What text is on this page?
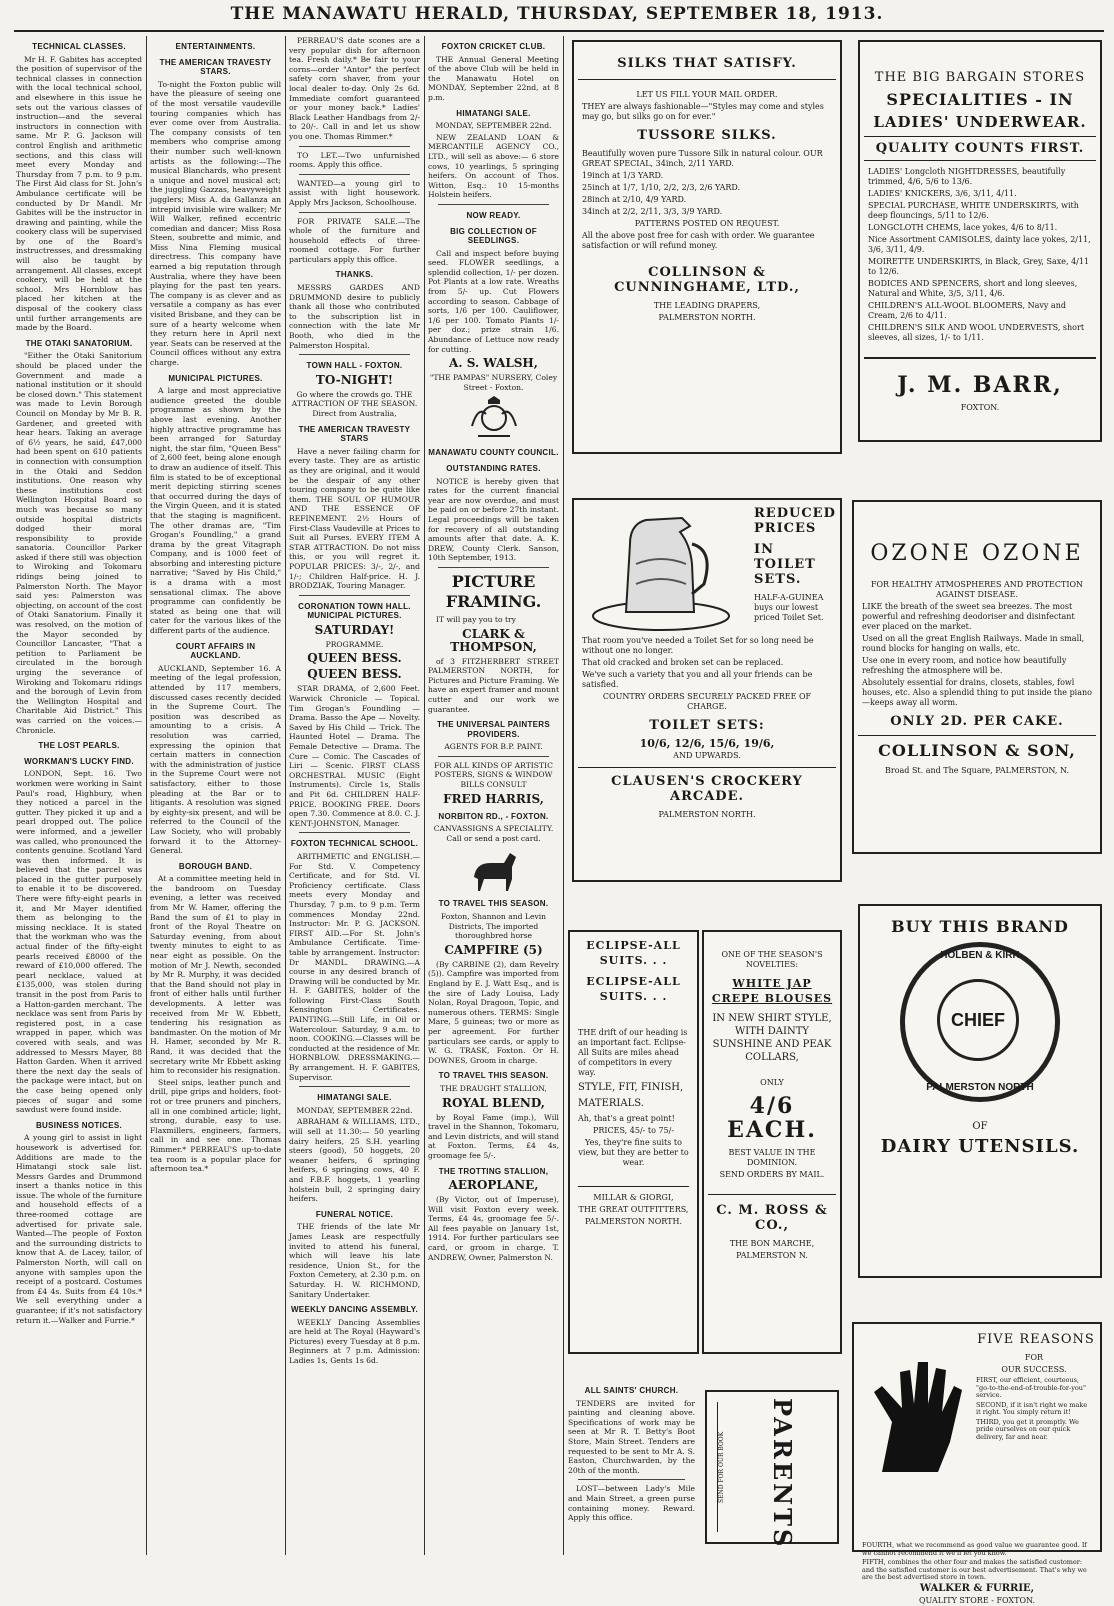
THE MANAWATU HERALD, THURSDAY, SEPTEMBER 18, 1913.
TECHNICAL CLASSES.

Mr H. F. Gabites has accepted the position of supervisor of the technical classes in connection with the local technical school, and elsewhere in this issue he sets out the various classes of instruction—and the several instructors in connection with same. Mr P. G. Jackson will control English and arithmetic sections, and this class will meet every Monday and Thursday from 7 p.m. to 9 p.m. The First Aid class for St. John's Ambulance certificate will be conducted by Dr Mandl. Mr Gabites will be the instructor in drawing and painting, while the cookery class will be supervised by one of the Board's instructresses, and dressmaking will also be taught by arrangement. All classes, except cookery, will be held at the school. Mrs Hornblow has placed her kitchen at the disposal of the cookery class until further arrangements are made by the Board.

THE OTAKI SANATORIUM.

"Either the Otaki Sanitorium should be placed under the Government and made a national institution or it should be closed down." This statement was made to Levin Borough Council on Monday by Mr B. R. Gardener, and greeted with hear hears. Taking an average of 6½ years, he said, £47,000 had been spent on 610 patients in connection with consumption in the Otaki and Seddon institutions. One reason why these institutions cost Wellington Hospital Board so much was because so many outside hospital districts dodged their moral responsibility to provide sanatoria. Councillor Parker asked if there still was objection to Wiroking and Tokomaru ridings being joined to Palmerston North. The Mayor said yes: Palmerston was objecting, on account of the cost of Otaki Sanatorium. Finally it was resolved, on the motion of the Mayor seconded by Councillor Lancaster, "That a petition to Parliament be circulated in the borough urging the severance of Wiroking and Tokomaru ridings and the borough of Levin from the Wellington Hospital and Charitable Aid District." This was carried on the voices.—Chronicle.

THE LOST PEARLS.
WORKMAN'S LUCKY FIND.

LONDON, Sept. 16. Two workmen were working in Saint Paul's road, Highbury, when they noticed a parcel in the gutter. They picked it up and a pearl dropped out. The police were informed, and a jeweller was called, who pronounced the contents genuine. Scotland Yard was then informed. It is believed that the parcel was placed in the gutter purposely to enable it to be discovered. There were fifty-eight pearls in it, and Mr Mayer identified them as belonging to the missing necklace. It is stated that the workman who was the actual finder of the fifty-eight pearls received £8000 of the reward of £10,000 offered. The pearl necklace, valued at £135,000, was stolen during transit in the post from Paris to a Hatton-garden merchant. The necklace was sent from Paris by registered post, in a case wrapped in paper, which was covered with seals, and was addressed to Messrs Mayer, 88 Hatton Garden. When it arrived there the next day the seals of the package were intact, but on the case being opened only pieces of sugar and some sawdust were found inside.

BUSINESS NOTICES.

A young girl to assist in light housework is advertised for. Additions are made to the Himatangi stock sale list. Messrs Gardes and Drummond insert a thanks notice in this issue. The whole of the furniture and household effects of a three-roomed cottage are advertised for private sale. Wanted—The people of Foxton and the surrounding districts to know that A. de Lacey, tailor, of Palmerston North, will call on anyone with samples upon the receipt of a postcard. Costumes from £4 4s. Suits from £4 10s.* We sell everything under a guarantee; if it's not satisfactory return it.—Walker and Furrie.*

ENTERTAINMENTS.
THE AMERICAN TRAVESTY STARS.

To-night the Foxton public will have the pleasure of seeing one of the most versatile vaudeville touring companies which has ever come over from Australia. The company consists of ten members who comprise among their number such well-known artists as the following:—The musical Blanchards, who present a unique and novel musical act; the juggling Gazzas, heavyweight jugglers; Miss A. da Gallanza an intrepid invisible wire walker; Mr Will Walker, refined eccentric comedian and dancer; Miss Rosa Steen, soubrette and mimic, and Miss Nina Fleming musical directress. This company have earned a big reputation through Australia, where they have been playing for the past ten years. The company is as clever and as versatile a company as has ever visited Brisbane, and they can be sure of a hearty welcome when they return here in April next year. Seats can be reserved at the Council offices without any extra charge.

MUNICIPAL PICTURES.

A large and most appreciative audience greeted the double programme as shown by the above last evening. Another highly attractive programme has been arranged for Saturday night, the star film, "Queen Bess" of 2,600 feet, being alone enough to draw an audience of itself. This film is stated to be of exceptional merit depicting stirring scenes that occurred during the days of the Virgin Queen, and it is stated that the staging is magnificent. The other dramas are, "Tim Grogan's Foundling," a grand drama by the great Vitagraph Company, and is 1000 feet of absorbing and interesting picture narrative; "Saved by His Child," is a drama with a most sensational climax. The above programme can confidently be stated as being one that will cater for the various likes of the different parts of the audience.

COURT AFFAIRS IN AUCKLAND.

AUCKLAND, September 16. A meeting of the legal profession, attended by 117 members, discussed cases recently decided in the Supreme Court. The position was described as amounting to a crisis. A resolution was carried, expressing the opinion that certain matters in connection with the administration of justice in the Supreme Court were not satisfactory, either to those pleading at the Bar or to litigants. A resolution was signed by eighty-six present, and will be referred to the Council of the Law Society, who will probably forward it to the Attorney-General.

BOROUGH BAND.

At a committee meeting held in the bandroom on Tuesday evening, a letter was received from Mr W. Hamer, offering the Band the sum of £1 to play in front of the Royal Theatre on Saturday evening, from about twenty minutes to eight to as near eight as possible. On the motion of Mr J. Newth, seconded by Mr R. Murphy, it was decided that the Band should not play in front of either halls until further developments. A letter was received from Mr W. Ebbett, tendering his resignation as bandmaster. On the motion of Mr H. Hamer, seconded by Mr R. Rand, it was decided that the secretary write Mr Ebbett asking him to reconsider his resignation.

Steel snips, leather punch and drill, pipe grips and holders, foot-rot or tree pruners and pinchers, all in one combined article; light, strong, durable, easy to use. Flaxmillers, engineers, farmers, call in and see one. Thomas Rimmer.* PERREAU'S up-to-date tea room is a popular place for afternoon tea.*

PERREAU'S date scones are a very popular dish for afternoon tea. Fresh daily.* Be fair to your corns—order "Antor" the perfect safety corn shaver, from your local dealer to-day. Only 2s 6d. Immediate comfort guaranteed or your money back.* Ladies' Black Leather Handbags from 2/- to 20/-. Call in and let us show you one. Thomas Rimmer.*

TO LET.—Two unfurnished rooms. Apply this office.

WANTED—a young girl to assist with light housework. Apply Mrs Jackson, Schoolhouse.

FOR PRIVATE SALE.—The whole of the furniture and household effects of three-roomed cottage. For further particulars apply this office.

THANKS.

MESSRS GARDES AND DRUMMOND desire to publicly thank all those who contributed to the subscription list in connection with the late Mr Booth, who died in the Palmerston Hospital.

TOWN HALL - FOXTON.
TO-NIGHT!

Go where the crowds go. THE ATTRACTION OF THE SEASON. Direct from Australia,

THE AMERICAN TRAVESTY STARS

Have a never failing charm for every taste. They are as artistic as they are original, and it would be the despair of any other touring company to be quite like them. THE SOUL OF HUMOUR AND THE ESSENCE OF REFINEMENT. 2½ Hours of First-Class Vaudeville at Prices to Suit all Purses. EVERY ITEM A STAR ATTRACTION. Do not miss this, or you will regret it. POPULAR PRICES: 3/-, 2/-, and 1/-; Children Half-price. H. J. BRODZIAK, Touring Manager.

CORONATION TOWN HALL. MUNICIPAL PICTURES.
SATURDAY!

PROGRAMME.

QUEEN BESS.
QUEEN BESS.

STAR DRAMA, of 2,600 Feet. Warwick Chronicle — Topical. Tim Grogan's Foundling — Drama. Basso the Ape — Novelty. Saved by His Child — Trick. The Haunted Hotel — Drama. The Female Detective — Drama. The Cure — Comic. The Cascades of Liri — Scenic. FIRST CLASS ORCHESTRAL MUSIC (Eight Instruments). Circle 1s, Stalls and Pit 6d. CHILDREN HALF-PRICE. BOOKING FREE. Doors open 7.30. Commence at 8.0. C. J. KENT-JOHNSTON, Manager.

FOXTON TECHNICAL SCHOOL.

ARITHMETIC and ENGLISH.—For Std. V. Competency Certificate, and for Std. VI. Proficiency certificate. Class meets every Monday and Thursday, 7 p.m. to 9 p.m. Term commences Monday 22nd. Instructor: Mr. P. G. JACKSON. FIRST AID.—For St. John's Ambulance Certificate. Time-table by arrangement. Instructor: Dr MANDL. DRAWING.—A course in any desired branch of Drawing will be conducted by Mr. H. F. GABITES, holder of the following First-Class South Kensington Certificates. PAINTING.—Still Life, in Oil or Watercolour. Saturday, 9 a.m. to noon. COOKING.—Classes will be conducted at the residence of Mr. HORNBLOW. DRESSMAKING.—By arrangement. H. F. GABITES, Supervisor.

HIMATANGI SALE.

MONDAY, SEPTEMBER 22nd.

ABRAHAM & WILLIAMS, LTD., will sell at 11.30:— 50 yearling dairy heifers, 25 S.H. yearling steers (good), 50 hoggets, 20 weaner heifers, 6 springing heifers, 6 springing cows, 40 F. and F.B.F. hoggets, 1 yearling holstein bull, 2 springing dairy heifers.

FUNERAL NOTICE.

THE friends of the late Mr James Leask are respectfully invited to attend his funeral, which will leave his late residence, Union St., for the Foxton Cemetery, at 2.30 p.m. on Saturday. H. W. RICHMOND, Sanitary Undertaker.

WEEKLY DANCING ASSEMBLY.

WEEKLY Dancing Assemblies are held at The Royal (Hayward's Pictures) every Tuesday at 8 p.m. Beginners at 7 p.m. Admission: Ladies 1s, Gents 1s 6d.

FOXTON CRICKET CLUB.

THE Annual General Meeting of the above Club will be held in the Manawatu Hotel on MONDAY, September 22nd, at 8 p.m.

HIMATANGI SALE.

MONDAY, SEPTEMBER 22nd.

NEW ZEALAND LOAN & MERCANTILE AGENCY CO., LTD., will sell as above:— 6 store cows, 10 yearlings, 5 springing heifers. On account of Thos. Witton, Esq.: 10 15-months Holstein heifers.

NOW READY.
BIG COLLECTION OF SEEDLINGS.

Call and inspect before buying seed. FLOWER seedlings, a splendid collection, 1/- per dozen. Pot Plants at a low rate. Wreaths from 5/- up. Cut Flowers according to season. Cabbage of sorts, 1/6 per 100. Cauliflower, 1/6 per 100. Tomato Plants 1/- per doz.; prize strain 1/6. Abundance of Lettuce now ready for cutting.

A. S. WALSH,

"THE PAMPAS" NURSERY, Coley Street - Foxton.

MANAWATU COUNTY COUNCIL.
OUTSTANDING RATES.

NOTICE is hereby given that rates for the current financial year are now overdue, and must be paid on or before 27th instant. Legal proceedings will be taken for recovery of all outstanding amounts after that date. A. K. DREW, County Clerk. Sanson, 10th September, 1913.

PICTURE FRAMING.

IT will pay you to try

CLARK & THOMPSON,

of 3 FITZHERBERT STREET PALMERSTON NORTH, for Pictures and Picture Framing. We have an expert framer and mount cutter and our work we guarantee.

THE UNIVERSAL PAINTERS PROVIDERS.

AGENTS FOR B.P. PAINT.

FOR ALL KINDS OF ARTISTIC POSTERS, SIGNS & WINDOW BILLS CONSULT

FRED HARRIS,
NORBITON RD., - FOXTON.

CANVASSIGNS A SPECIALITY. Call or send a post card.

TO TRAVEL THIS SEASON.

Foxton, Shannon and Levin Districts, The imported thoroughbred horse

CAMPFIRE (5)

(By CARBINE (2), dam Revelry (5)). Campfire was imported from England by E. J. Watt Esq., and is the sire of Lady Louisa, Lady Nolan, Royal Dragoon, Topic, and numerous others. TERMS: Single Mare, 5 guineas; two or more as per agreement. For further particulars see cards, or apply to W. G. TRASK, Foxton. Or H. DOWNES, Groom in charge.

TO TRAVEL THIS SEASON.

THE DRAUGHT STALLION,

ROYAL BLEND,

by Royal Fame (imp.), Will travel in the Shannon, Tokomaru, and Levin districts, and will stand at Foxton. Terms, £4 4s, groomage fee 5/-.

THE TROTTING STALLION,
AEROPLANE,

(By Victor, out of Imperuse), Will visit Foxton every week. Terms, £4 4s, groomage fee 5/-. All fees payable on January 1st, 1914. For further particulars see card, or groom in charge. T. ANDREW, Owner, Palmerston N.

SILKS THAT SATISFY.

LET US FILL YOUR MAIL ORDER.

THEY are always fashionable—"Styles may come and styles may go, but silks go on for ever."

TUSSORE SILKS.

Beautifully woven pure Tussore Silk in natural colour. OUR GREAT SPECIAL, 34inch, 2/11 YARD.

19inch at 1/3 YARD.

25inch at 1/7, 1/10, 2/2, 2/3, 2/6 YARD.

28inch at 2/10, 4/9 YARD.

34inch at 2/2, 2/11, 3/3, 3/9 YARD.

PATTERNS POSTED ON REQUEST.

All the above post free for cash with order. We guarantee satisfaction or will refund money.

COLLINSON & CUNNINGHAME, LTD.,

THE LEADING DRAPERS,

PALMERSTON NORTH.

REDUCED PRICES
IN TOILET SETS.

HALF-A-GUINEA buys our lowest priced Toilet Set.

That room you've needed a Toilet Set for so long need be without one no longer.

That old cracked and broken set can be replaced.

We've such a variety that you and all your friends can be satisfied.

COUNTRY ORDERS SECURELY PACKED FREE OF CHARGE.

TOILET SETS:

10/6, 12/6, 15/6, 19/6,

AND UPWARDS.

CLAUSEN'S CROCKERY ARCADE.

PALMERSTON NORTH.

ECLIPSE-ALL SUITS. . .
ECLIPSE-ALL SUITS. . .

THE drift of our heading is an important fact. Eclipse-All Suits are miles ahead of competitors in every way.

STYLE, FIT, FINISH, MATERIALS.

Ah, that's a great point!

PRICES, 45/- to 75/-

Yes, they're fine suits to view, but they are better to wear.

MILLAR & GIORGI,

THE GREAT OUTFITTERS,

PALMERSTON NORTH.

ONE OF THE SEASON'S NOVELTIES:

WHITE JAP CREPE BLOUSES

IN NEW SHIRT STYLE, WITH DAINTY SUNSHINE AND PEAK COLLARS,

ONLY

4/6 EACH.

BEST VALUE IN THE DOMINION.

SEND ORDERS BY MAIL.

C. M. ROSS & CO.,

THE BON MARCHE,

PALMERSTON N.

ALL SAINTS' CHURCH.

TENDERS are invited for painting and cleaning above. Specifications of work may be seen at Mr R. T. Betty's Boot Store, Main Street. Tenders are requested to be sent to Mr A. S. Easton, Churchwarden, by the 20th of the month.

LOST—between Lady's Mile and Main Street, a green purse containing money. Reward. Apply this office.

SEND FOR OUR BOOK	PARENTS
THE BIG BARGAIN STORES
SPECIALITIES - IN
LADIES' UNDERWEAR.
QUALITY COUNTS FIRST.

LADIES' Longcloth NIGHTDRESSES, beautifully trimmed, 4/6, 5/6 to 13/6.

LADIES' KNICKERS, 3/6, 3/11, 4/11.

SPECIAL PURCHASE, WHITE UNDERSKIRTS, with deep flouncings, 5/11 to 12/6.

LONGCLOTH CHEMS, lace yokes, 4/6 to 8/11.

Nice Assortment CAMISOLES, dainty lace yokes, 2/11, 3/6, 3/11, 4/9.

MOIRETTE UNDERSKIRTS, in Black, Grey, Saxe, 4/11 to 12/6.

BODICES AND SPENCERS, short and long sleeves, Natural and White, 3/5, 3/11, 4/6.

CHILDREN'S ALL-WOOL BLOOMERS, Navy and Cream, 2/6 to 4/11.

CHILDREN'S SILK AND WOOL UNDERVESTS, short sleeves, all sizes, 1/- to 1/11.

J. M. BARR,

FOXTON.

OZONE OZONE

FOR HEALTHY ATMOSPHERES AND PROTECTION AGAINST DISEASE.

LIKE the breath of the sweet sea breezes. The most powerful and refreshing deodoriser and disinfectant ever placed on the market.

Used on all the great English Railways. Made in small, round blocks for hanging on walls, etc.

Use one in every room, and notice how beautifully refreshing the atmosphere will be.

Absolutely essential for drains, closets, stables, fowl houses, etc. Also a splendid thing to put inside the piano—keeps away all worm.

ONLY 2D. PER CAKE.
COLLINSON & SON,

Broad St. and The Square, PALMERSTON, N.

BUY THIS BRAND
HOLBEN & KIRK
CHIEF
PALMERSTON NORTH

OF

DAIRY UTENSILS.
FIVE REASONS

FOR

OUR SUCCESS.

FIRST, our efficient, courteous, "go-to-the-end-of-trouble-for-you" service.

SECOND, if it isn't right we make it right. You simply return it!

THIRD, you get it promptly. We pride ourselves on our quick delivery, far and near.

FOURTH, what we recommend as good value we guarantee good. If we cannot recommend it we'll let you know.

FIFTH, combines the other four and makes the satisfied customer: and the satisfied customer is our best advertisement. That's why we are the best advertised store in town.

WALKER & FURRIE,

QUALITY STORE - FOXTON.
